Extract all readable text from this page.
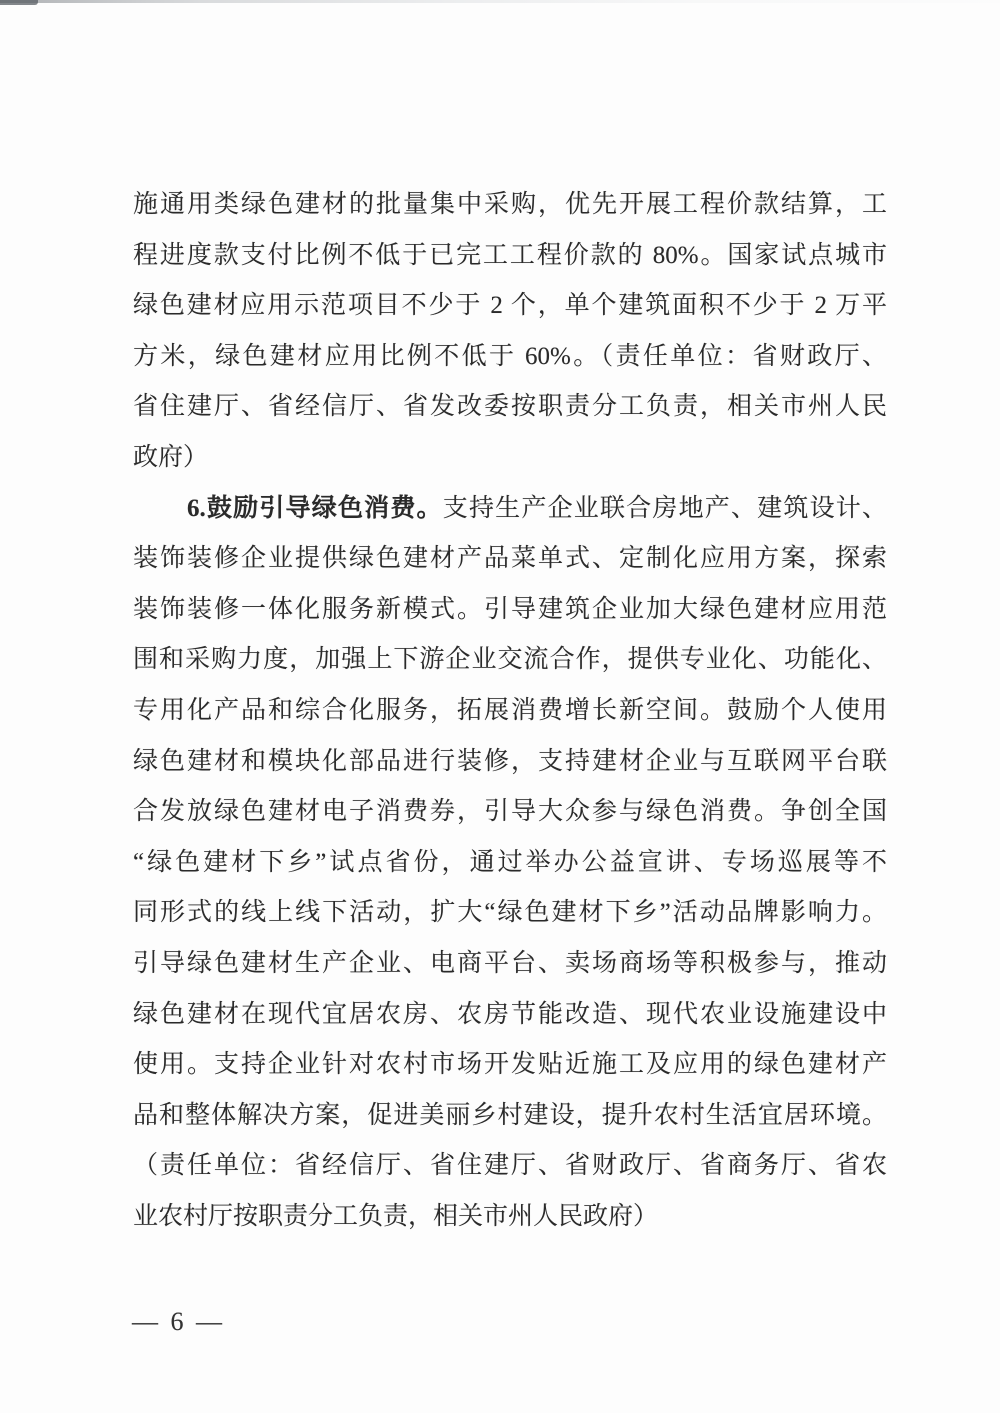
施通用类绿色建材的批量集中采购，优先开展工程价款结算，工

程进度款支付比例不低于已完工工程价款的 80%。国家试点城市

绿色建材应用示范项目不少于 2 个，单个建筑面积不少于 2 万平

方米，绿色建材应用比例不低于 60%。（责任单位：省财政厅、

省住建厅、省经信厅、省发改委按职责分工负责，相关市州人民

政府）

6.鼓励引导绿色消费。支持生产企业联合房地产、建筑设计、

装饰装修企业提供绿色建材产品菜单式、定制化应用方案，探索

装饰装修一体化服务新模式。引导建筑企业加大绿色建材应用范

围和采购力度，加强上下游企业交流合作，提供专业化、功能化、

专用化产品和综合化服务，拓展消费增长新空间。鼓励个人使用

绿色建材和模块化部品进行装修，支持建材企业与互联网平台联

合发放绿色建材电子消费券，引导大众参与绿色消费。争创全国

“绿色建材下乡”试点省份，通过举办公益宣讲、专场巡展等不

同形式的线上线下活动，扩大“绿色建材下乡”活动品牌影响力。

引导绿色建材生产企业、电商平台、卖场商场等积极参与，推动

绿色建材在现代宜居农房、农房节能改造、现代农业设施建设中

使用。支持企业针对农村市场开发贴近施工及应用的绿色建材产

品和整体解决方案，促进美丽乡村建设，提升农村生活宜居环境。

（责任单位：省经信厅、省住建厅、省财政厅、省商务厅、省农

业农村厅按职责分工负责，相关市州人民政府）

— 6 —
